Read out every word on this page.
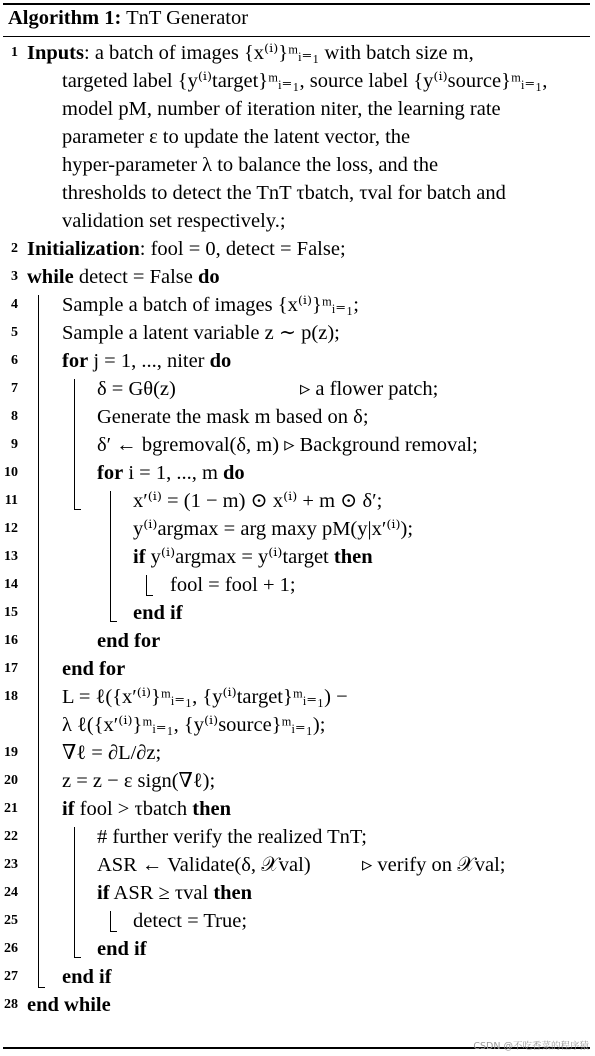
Algorithm 1: TnT Generator
1 Inputs: a batch of images {x⁽ⁱ⁾}ᵐᵢ₌₁ with batch size m,
targeted label {y⁽ⁱ⁾target}ᵐᵢ₌₁, source label {y⁽ⁱ⁾source}ᵐᵢ₌₁,
model pM, number of iteration niter, the learning rate
parameter ε to update the latent vector, the
hyper-parameter λ to balance the loss, and the
thresholds to detect the TnT τbatch, τval for batch and
validation set respectively.;
2 Initialization: fool = 0, detect = False;
3 while detect = False do
4 Sample a batch of images {x⁽ⁱ⁾}ᵐᵢ₌₁;
5 Sample a latent variable z ∼ p(z);
6 for j = 1, ..., niter do
7	δ = Gθ(z)	▹ a flower patch;
8	Generate the mask m based on δ;
9	δ′ ← bgremoval(δ, m) ▹ Background removal;
10	for i = 1, ..., m do
11	x′⁽ⁱ⁾ = (1 − m) ⊙ x⁽ⁱ⁾ + m ⊙ δ′;
12	y⁽ⁱ⁾argmax = arg maxy pM(y|x′⁽ⁱ⁾);
13	if y⁽ⁱ⁾argmax = y⁽ⁱ⁾target then
14	fool = fool + 1;
15	end if
16	end for
17 end for
18 L = ℓ({x′⁽ⁱ⁾}ᵐᵢ₌₁, {y⁽ⁱ⁾target}ᵐᵢ₌₁) −
λ ℓ({x′⁽ⁱ⁾}ᵐᵢ₌₁, {y⁽ⁱ⁾source}ᵐᵢ₌₁);
19 ∇ℓ = ∂L/∂z;
20 z = z − ε sign(∇ℓ);
21 if fool > τbatch then
22	# further verify the realized TnT;
23	ASR ← Validate(δ, 𝒳val)	▹ verify on 𝒳val;
24	if ASR ≥ τval then
25	detect = True;
26	end if
27 end if
28 end while
CSDN @不吃香菜的程序猿
